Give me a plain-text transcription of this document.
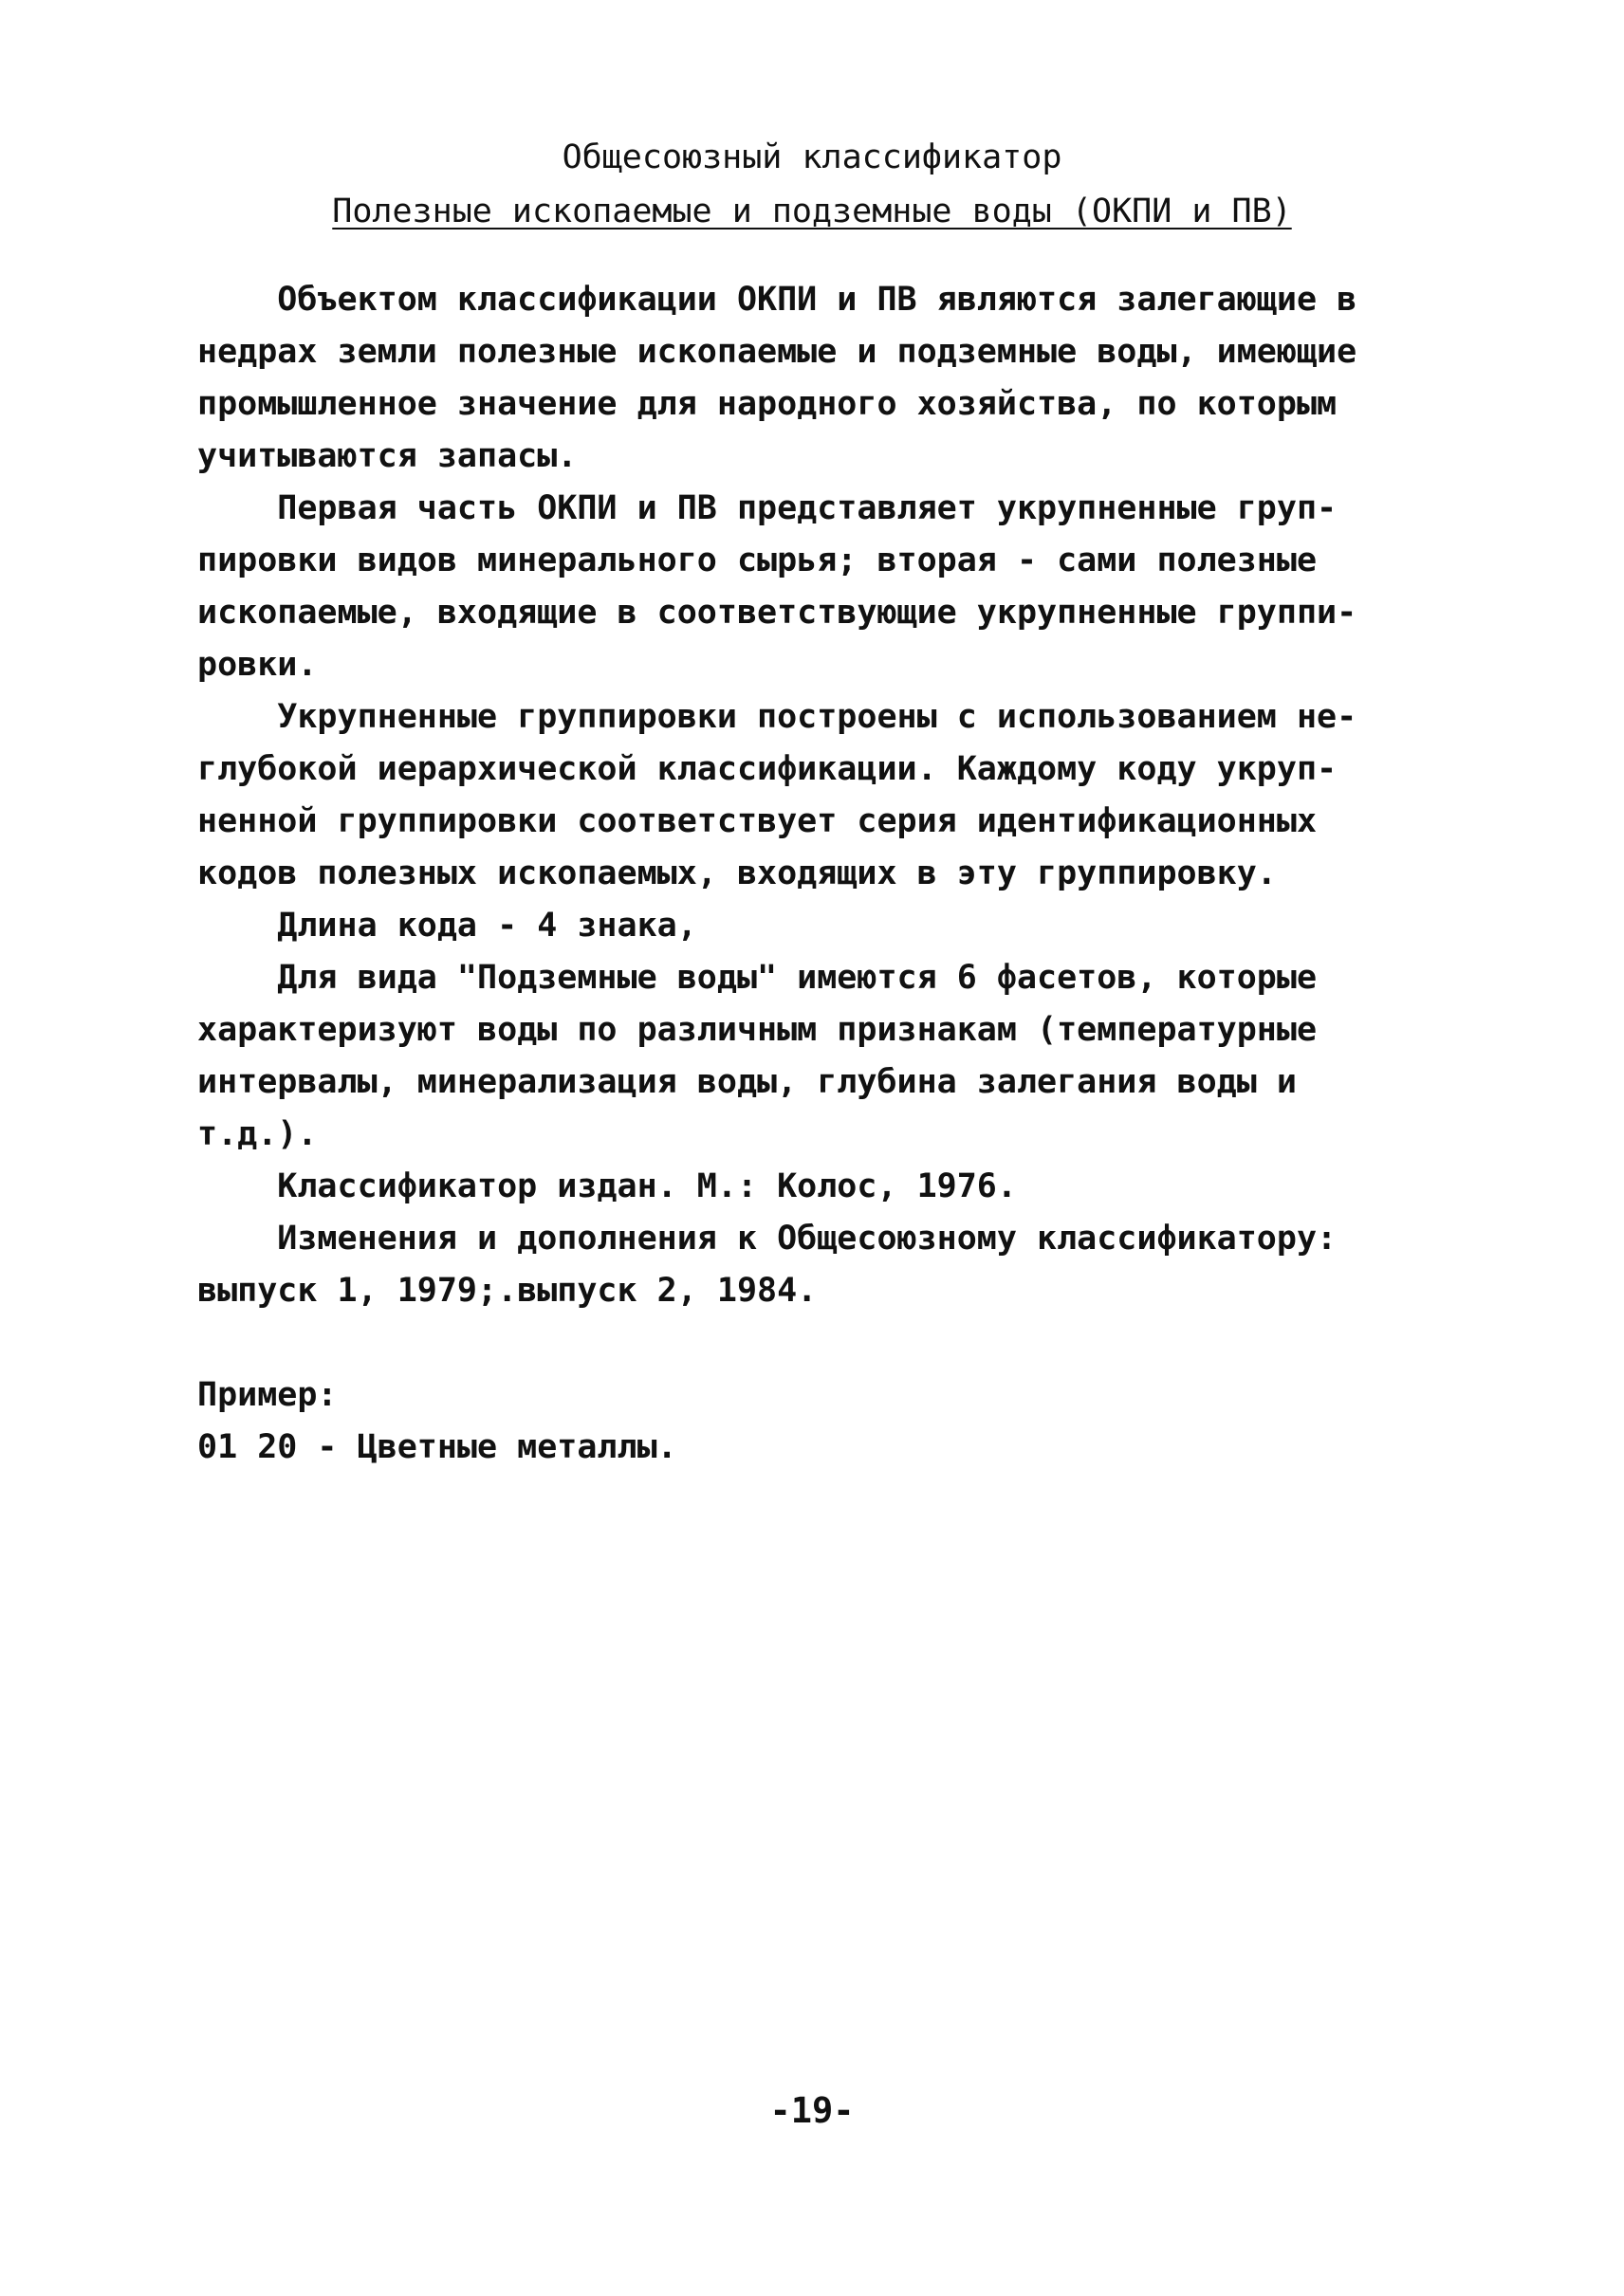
Общесоюзный классификатор
Полезные ископаемые и подземные воды (ОКПИ и ПВ)
Объектом классификации ОКПИ и ПВ являются залегающие в
недрах земли полезные ископаемые и подземные воды, имеющие
промышленное значение для народного хозяйства, по которым
учитываются запасы.
Первая часть ОКПИ и ПВ представляет укрупненные груп-
пировки видов минерального сырья; вторая - сами полезные
ископаемые, входящие в соответствующие укрупненные группи-
ровки.
Укрупненные группировки построены с использованием не-
глубокой иерархической классификации. Каждому коду укруп-
ненной группировки соответствует серия идентификационных
кодов полезных ископаемых, входящих в эту группировку.
Длина кода - 4 знака,
Для вида "Подземные воды" имеются 6 фасетов, которые
характеризуют воды по различным признакам (температурные
интервалы, минерализация воды, глубина залегания воды и
т.д.).
Классификатор издан. М.: Колос, 1976.
Изменения и дополнения к Общесоюзному классификатору:
выпуск 1, 1979;.выпуск 2, 1984.
Пример:
01 20 - Цветные металлы.
-19-
